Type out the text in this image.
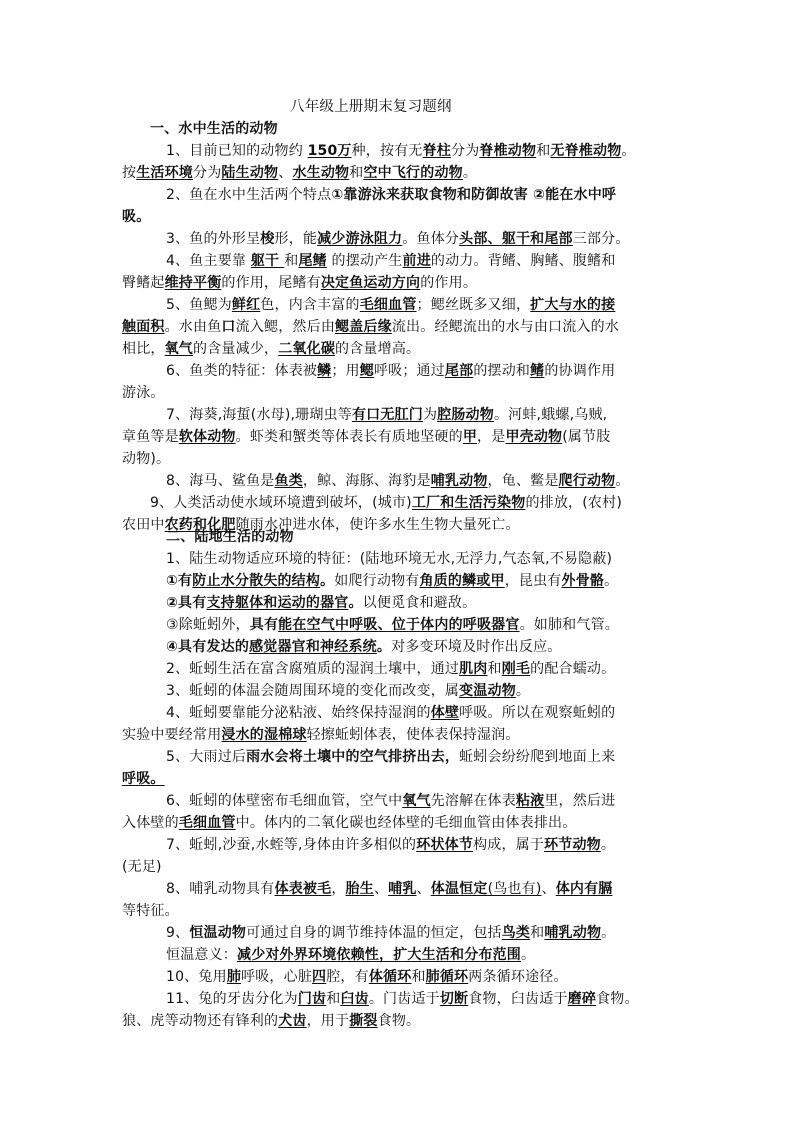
八年级上册期末复习题纲
一、水中生活的动物
二、陆地生活的动物
1、目前已知的动物约 150万种，按有无脊柱分为脊椎动物和无脊椎动物。
按生活环境分为陆生动物、水生动物和空中飞行的动物。
2、鱼在水中生活两个特点①靠游泳来获取食物和防御故害 ②能在水中呼
吸。
3、鱼的外形呈梭形，能减少游泳阻力。鱼体分头部、躯干和尾部三部分。
4、鱼主要靠 躯干 和尾鳍 的摆动产生前进的动力。背鳍、胸鳍、腹鳍和
臀鳍起维持平衡的作用，尾鳍有决定鱼运动方向的作用。
5、鱼鳃为鲜红色，内含丰富的毛细血管；鳃丝既多又细，扩大与水的接
触面积。水由鱼口流入鳃，然后由鳃盖后缘流出。经鳃流出的水与由口流入的水
相比，氧气的含量减少，二氧化碳的含量增高。
6、鱼类的特征：体表被鳞；用鳃呼吸；通过尾部的摆动和鳍的协调作用
游泳。
7、海葵,海蜇(水母),珊瑚虫等有口无肛门为腔肠动物。河蚌,蛾螺,乌贼,
章鱼等是软体动物。虾类和蟹类等体表长有质地坚硬的甲，是甲壳动物(属节肢
动物)。
8、海马、鲨鱼是鱼类，鲸、海豚、海豹是哺乳动物，龟、鳖是爬行动物。
9、人类活动使水域环境遭到破坏，(城市)工厂和生活污染物的排放，(农村)
农田中农药和化肥随雨水冲进水体，使许多水生生物大量死亡。
1、陆生动物适应环境的特征：(陆地环境无水,无浮力,气态氧,不易隐蔽)
①有防止水分散失的结构。如爬行动物有角质的鳞或甲，昆虫有外骨骼。
②具有支持躯体和运动的器官。以便觅食和避敌。
③除蚯蚓外，具有能在空气中呼吸、位于体内的呼吸器官。如肺和气管。
④具有发达的感觉器官和神经系统。对多变环境及时作出反应。
2、蚯蚓生活在富含腐殖质的湿润土壤中，通过肌肉和刚毛的配合蠕动。
3、蚯蚓的体温会随周围环境的变化而改变，属变温动物。
4、蚯蚓要靠能分泌粘液、始终保持湿润的体壁呼吸。所以在观察蚯蚓的
实验中要经常用浸水的湿棉球轻擦蚯蚓体表，使体表保持湿润。
5、大雨过后雨水会将土壤中的空气排挤出去，蚯蚓会纷纷爬到地面上来
呼吸。
6、蚯蚓的体壁密布毛细血管，空气中氧气先溶解在体表粘液里，然后进
入体壁的毛细血管中。体内的二氧化碳也经体壁的毛细血管由体表排出。
7、蚯蚓,沙蚕,水蛭等,身体由许多相似的环状体节构成，属于环节动物。
(无足)
8、哺乳动物具有体表被毛，胎生、哺乳、体温恒定(鸟也有)、体内有膈
等特征。
9、恒温动物可通过自身的调节维持体温的恒定，包括鸟类和哺乳动物。
恒温意义：减少对外界环境依赖性，扩大生活和分布范围。
10、兔用肺呼吸，心脏四腔，有体循环和肺循环两条循环途径。
11、兔的牙齿分化为门齿和臼齿。门齿适于切断食物，臼齿适于磨碎食物。
狼、虎等动物还有锋利的犬齿，用于撕裂食物。
